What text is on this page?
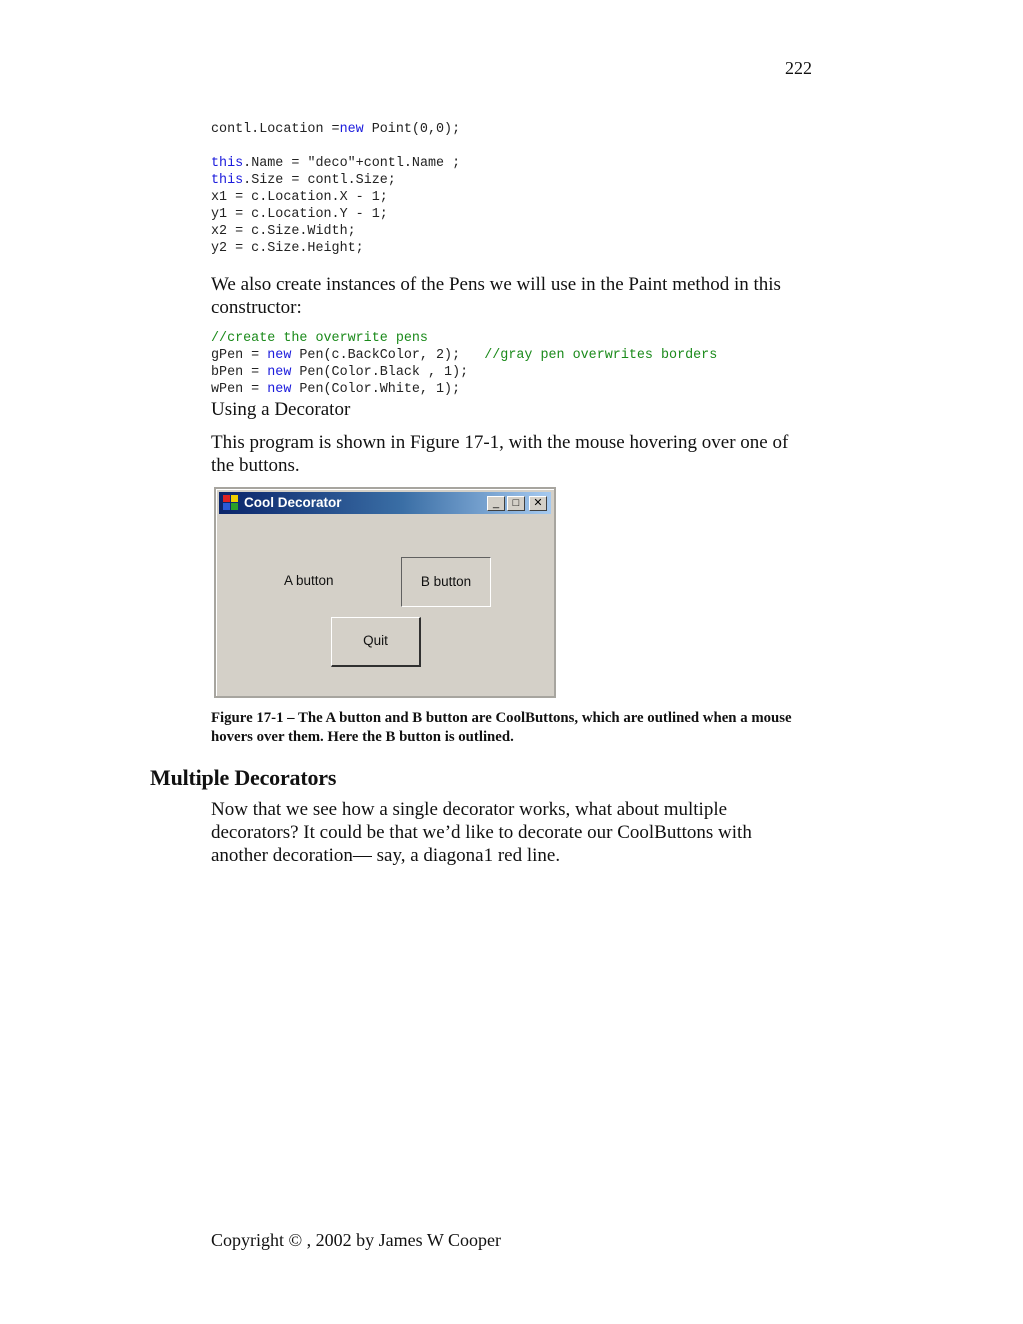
222
contl.Location =new Point(0,0);

this.Name = "deco"+contl.Name ;
this.Size = contl.Size;
x1 = c.Location.X - 1;
y1 = c.Location.Y - 1;
x2 = c.Size.Width;
y2 = c.Size.Height;
We also create instances of the Pens we will use in the Paint method in this constructor:
//create the overwrite pens
gPen = new Pen(c.BackColor, 2);   //gray pen overwrites borders
bPen = new Pen(Color.Black , 1);
wPen = new Pen(Color.White, 1);
Using a Decorator
This program is shown in Figure 17-1, with the mouse hovering over one of the buttons.
Cool Decorator	_	□	✕
A button	B button
Quit
Figure 17-1 – The A button and B button are CoolButtons, which are outlined when a mouse hovers over them. Here the B button is outlined.
Multiple Decorators
Now that we see how a single decorator works, what about multiple decorators? It could be that we’d like to decorate our CoolButtons with another decoration— say, a diagona1 red line.
Copyright © , 2002 by James W Cooper
